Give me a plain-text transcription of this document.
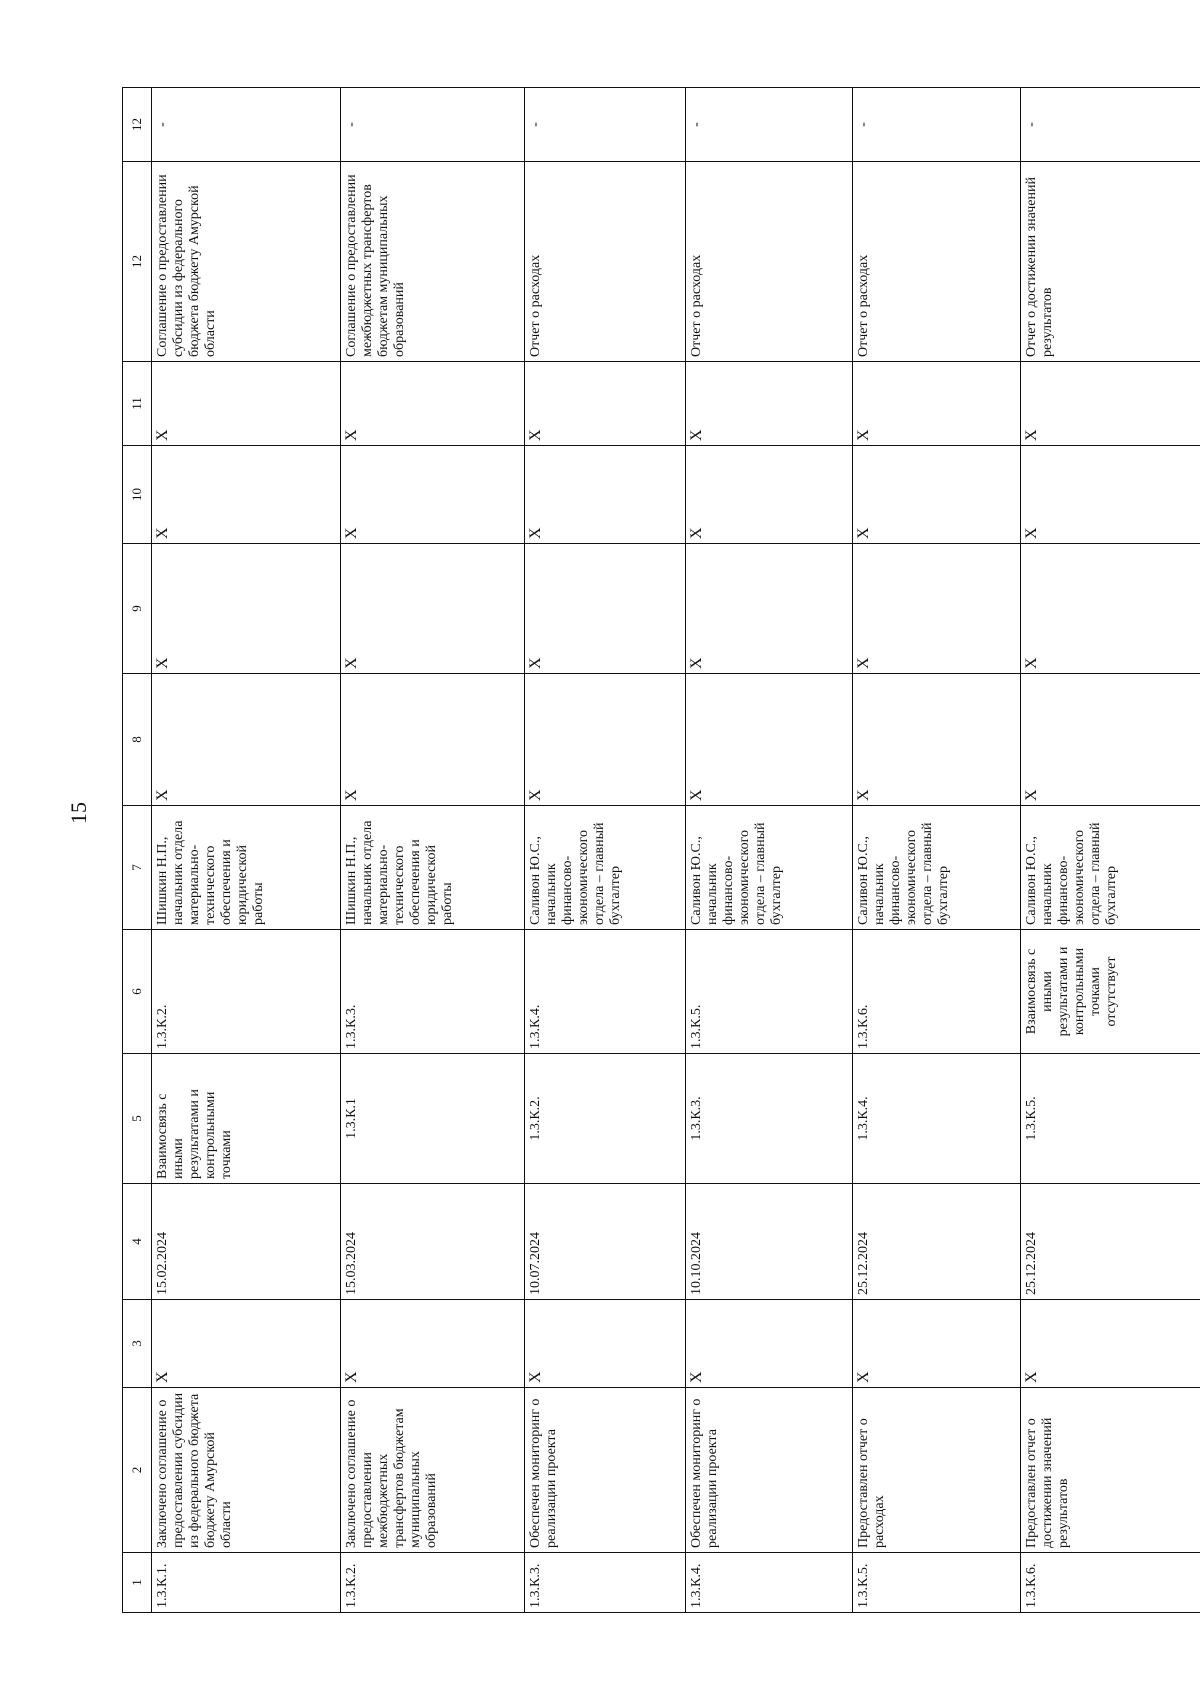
15
1	2	3	4	5	6	7	8	9	10	11	12	12
1.3.К.1.	Заключено соглашение о предоставлении субсидии из федерального бюджета бюджету Амурской области	X	15.02.2024	Взаимосвязь с иными результатами и контрольными точками	1.3.К.2.	Шишкин Н.П., начальник отдела материально-технического обеспечения и юридической работы	X	X	X	X	Соглашение о предоставлении субсидии из федерального бюджета бюджету Амурской области	-
1.3.К.2.	Заключено соглашение о предоставлении межбюджетных трансфертов бюджетам муниципальных образований	X	15.03.2024	1.3.К.1	1.3.К.3.	Шишкин Н.П., начальник отдела материально-технического обеспечения и юридической работы	X	X	X	X	Соглашение о предоставлении межбюджетных трансфертов бюджетам муниципальных образований	-
1.3.К.3.	Обеспечен мониторинг о реализации проекта	X	10.07.2024	1.3.К.2.	1.3.К.4.	Саливон Ю.С., начальник финансово-экономического отдела – главный бухгалтер	X	X	X	X	Отчет о расходах	-
1.3.К.4.	Обеспечен мониторинг о реализации проекта	X	10.10.2024	1.3.К.3.	1.3.К.5.	Саливон Ю.С., начальник финансово-экономического отдела – главный бухгалтер	X	X	X	X	Отчет о расходах	-
1.3.К.5.	Предоставлен отчет о расходах	X	25.12.2024	1.3.К.4.	1.3.К.6.	Саливон Ю.С., начальник финансово-экономического отдела – главный бухгалтер	X	X	X	X	Отчет о расходах	-
1.3.К.6.	Предоставлен отчет о достижении значений результатов	X	25.12.2024	1.3.К.5.	Взаимосвязь с иными результатами и контрольными точками отсутствует	Саливон Ю.С., начальник финансово-экономического отдела – главный бухгалтер	X	X	X	X	Отчет о достижении значений результатов	-
